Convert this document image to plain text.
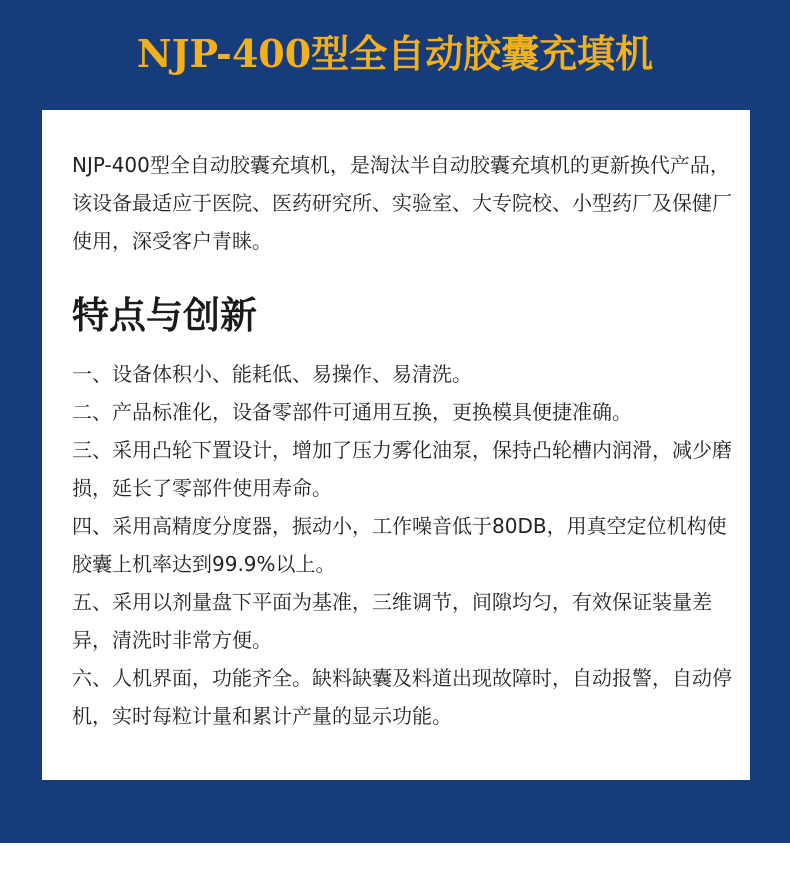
NJP-400型全自动胶囊充填机
NJP-400型全自动胶囊充填机，是淘汰半自动胶囊充填机的更新换代产品，该设备最适应于医院、医药研究所、实验室、大专院校、小型药厂及保健厂使用，深受客户青睐。
特点与创新
一、设备体积小、能耗低、易操作、易清洗。
二、产品标准化，设备零部件可通用互换，更换模具便捷准确。
三、采用凸轮下置设计，增加了压力雾化油泵，保持凸轮槽内润滑，减少磨损，延长了零部件使用寿命。
四、采用高精度分度器，振动小，工作噪音低于80DB，用真空定位机构使胶囊上机率达到99.9%以上。
五、采用以剂量盘下平面为基准，三维调节，间隙均匀，有效保证装量差异，清洗时非常方便。
六、人机界面，功能齐全。缺料缺囊及料道出现故障时，自动报警，自动停机，实时每粒计量和累计产量的显示功能。
